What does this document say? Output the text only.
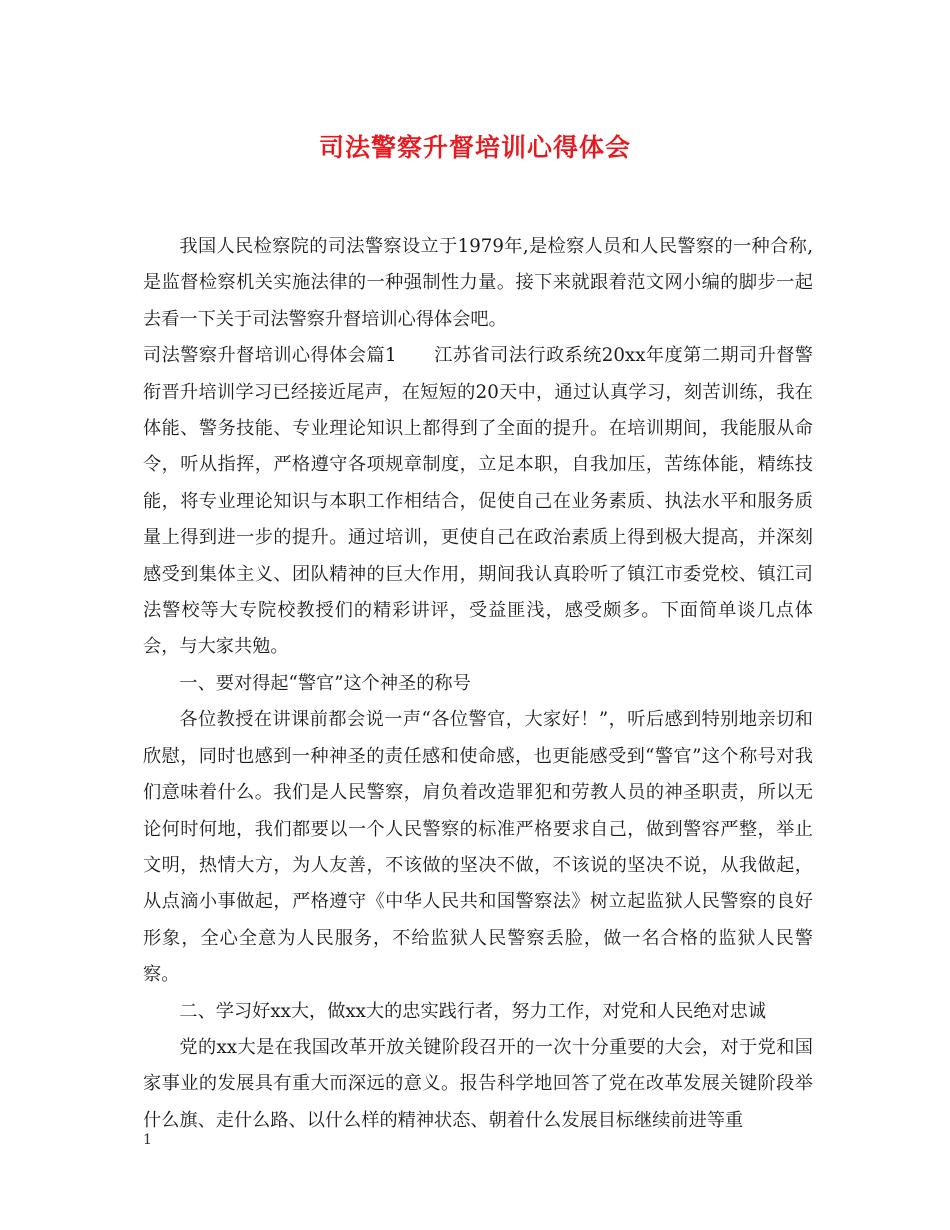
司法警察升督培训心得体会

我国人民检察院的司法警察设立于1979年,是检察人员和人民警察的一种合称,是监督检察机关实施法律的一种强制性力量。接下来就跟着范文网小编的脚步一起去看一下关于司法警察升督培训心得体会吧。

司法警察升督培训心得体会篇1　　江苏省司法行政系统20xx年度第二期司升督警衔晋升培训学习已经接近尾声，在短短的20天中，通过认真学习，刻苦训练，我在体能、警务技能、专业理论知识上都得到了全面的提升。在培训期间，我能服从命令，听从指挥，严格遵守各项规章制度，立足本职，自我加压，苦练体能，精练技能，将专业理论知识与本职工作相结合，促使自己在业务素质、执法水平和服务质量上得到进一步的提升。通过培训，更使自己在政治素质上得到极大提高，并深刻感受到集体主义、团队精神的巨大作用，期间我认真聆听了镇江市委党校、镇江司法警校等大专院校教授们的精彩讲评，受益匪浅，感受颇多。下面简单谈几点体会，与大家共勉。

一、要对得起“警官”这个神圣的称号

各位教授在讲课前都会说一声“各位警官，大家好！”，听后感到特别地亲切和欣慰，同时也感到一种神圣的责任感和使命感，也更能感受到“警官”这个称号对我们意味着什么。我们是人民警察，肩负着改造罪犯和劳教人员的神圣职责，所以无论何时何地，我们都要以一个人民警察的标准严格要求自己，做到警容严整，举止文明，热情大方，为人友善，不该做的坚决不做，不该说的坚决不说，从我做起，从点滴小事做起，严格遵守《中华人民共和国警察法》树立起监狱人民警察的良好形象，全心全意为人民服务，不给监狱人民警察丢脸，做一名合格的监狱人民警察。

二、学习好xx大，做xx大的忠实践行者，努力工作，对党和人民绝对忠诚

党的xx大是在我国改革开放关键阶段召开的一次十分重要的大会，对于党和国家事业的发展具有重大而深远的意义。报告科学地回答了党在改革发展关键阶段举什么旗、走什么路、以什么样的精神状态、朝着什么发展目标继续前进等重

1
